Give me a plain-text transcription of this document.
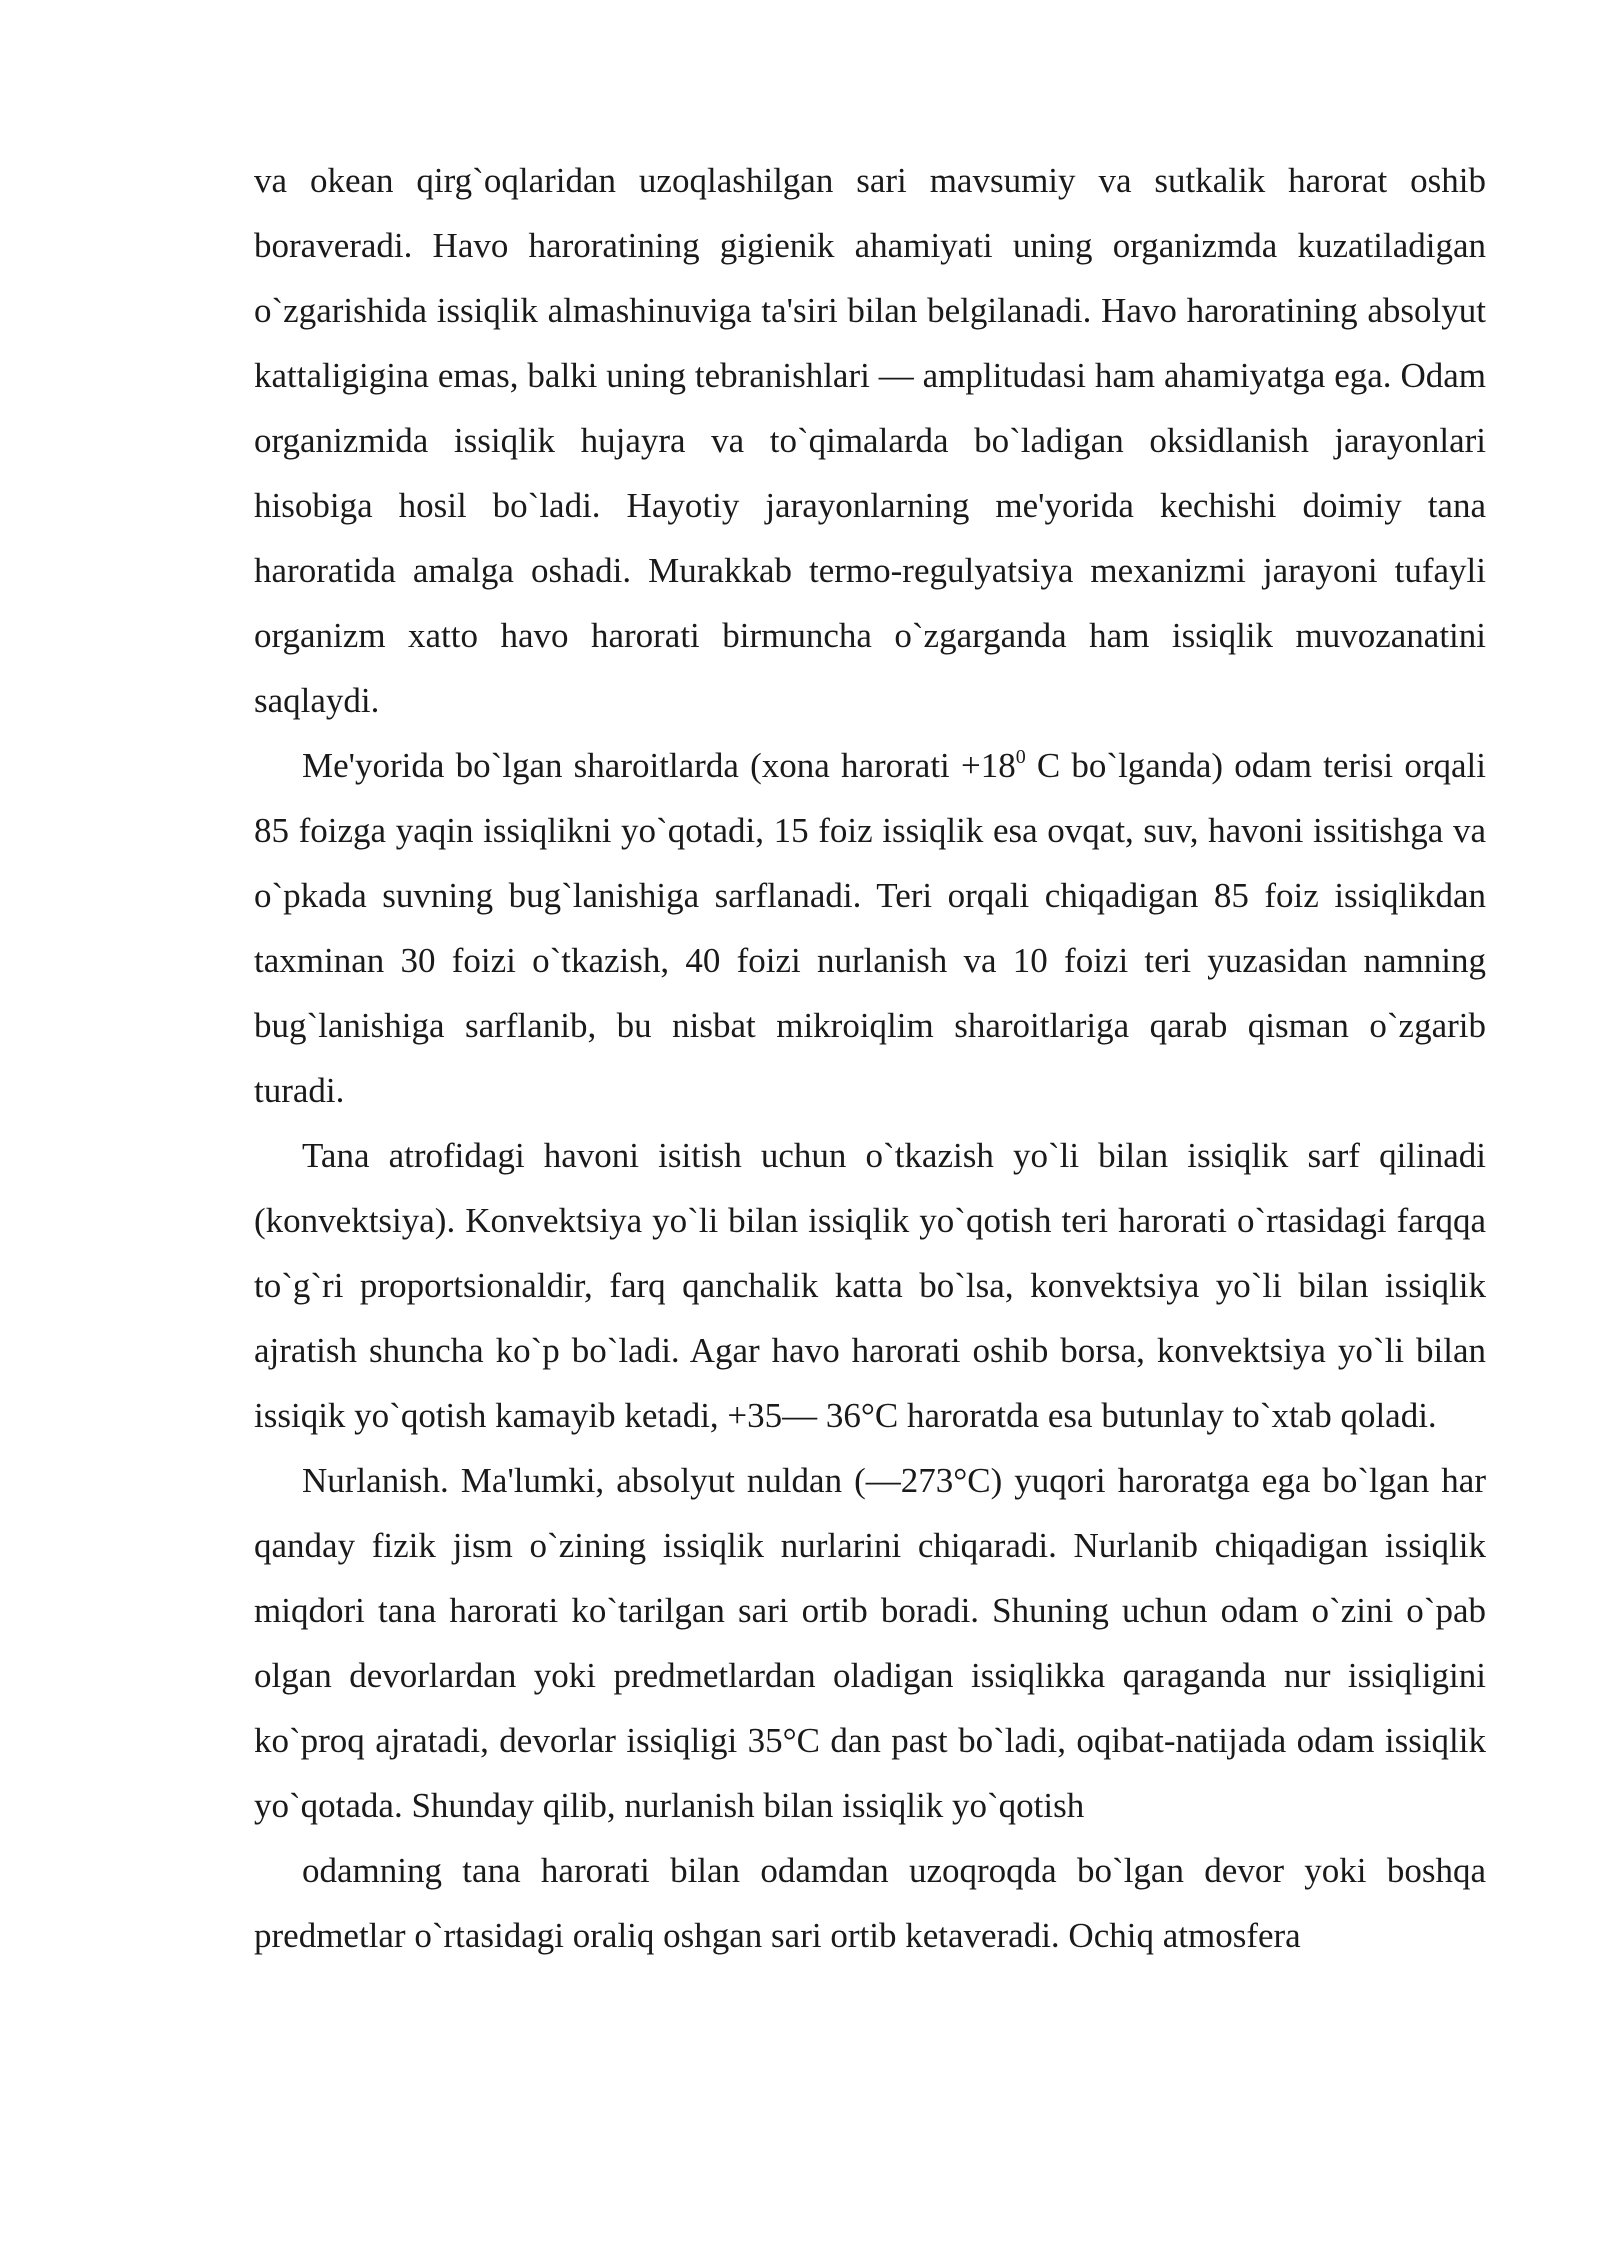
va okean qirg`oqlaridan uzoqlashilgan sari mavsumiy va sutkalik harorat oshib boraveradi. Havo haroratining gigienik ahamiyati uning organizmda kuzatiladigan o`zgarishida issiqlik almashinuviga ta'siri bilan belgilanadi. Havo haroratining absolyut kattaligigina emas, balki uning tebranishlari — amplitudasi ham ahamiyatga ega. Odam organizmida issiqlik hujayra va to`qimalarda bo`ladigan oksidlanish jarayonlari hisobiga hosil bo`ladi. Hayotiy jarayonlarning me'yorida kechishi doimiy tana haroratida amalga oshadi. Murakkab termo-regulyatsiya mexanizmi jarayoni tufayli organizm xatto havo harorati birmuncha o`zgarganda ham issiqlik muvozanatini saqlaydi.

Me'yorida bo`lgan sharoitlarda (xona harorati $+18^0$ C bo`lganda) odam terisi orqali 85 foizga yaqin issiqlikni yo`qotadi, 15 foiz issiqlik esa ovqat, suv, havoni issitishga va o`pkada suvning bug`lanishiga sarflanadi. Teri orqali chiqadigan 85 foiz issiqlikdan taxminan 30 foizi o`tkazish, 40 foizi nurlanish va 10 foizi teri yuzasidan namning bug`lanishiga sarflanib, bu nisbat mikroiqlim sharoitlariga qarab qisman o`zgarib turadi.

Tana atrofidagi havoni isitish uchun o`tkazish yo`li bilan issiqlik sarf qilinadi (konvektsiya). Konvektsiya yo`li bilan issiqlik yo`qotish teri harorati o`rtasidagi farqqa to`g`ri proportsionaldir, farq qanchalik katta bo`lsa, konvektsiya yo`li bilan issiqlik ajratish shuncha ko`p bo`ladi. Agar havo harorati oshib borsa, konvektsiya yo`li bilan issiqik yo`qotish kamayib ketadi, +35— 36°C haroratda esa butunlay to`xtab qoladi.

Nurlanish. Ma'lumki, absolyut nuldan (—273°C) yuqori haroratga ega bo`lgan har qanday fizik jism o`zining issiqlik nurlarini chiqaradi. Nurlanib chiqadigan issiqlik miqdori tana harorati ko`tarilgan sari ortib boradi. Shuning uchun odam o`zini o`pab olgan devorlardan yoki predmetlardan oladigan issiqlikka qaraganda nur issiqligini ko`proq ajratadi, devorlar issiqligi 35°C dan past bo`ladi, oqibat-natijada odam issiqlik yo`qotada. Shunday qilib, nurlanish bilan issiqlik yo`qotish

odamning tana harorati bilan odamdan uzoqroqda bo`lgan devor yoki boshqa predmetlar o`rtasidagi oraliq oshgan sari ortib ketaveradi. Ochiq atmosfera
